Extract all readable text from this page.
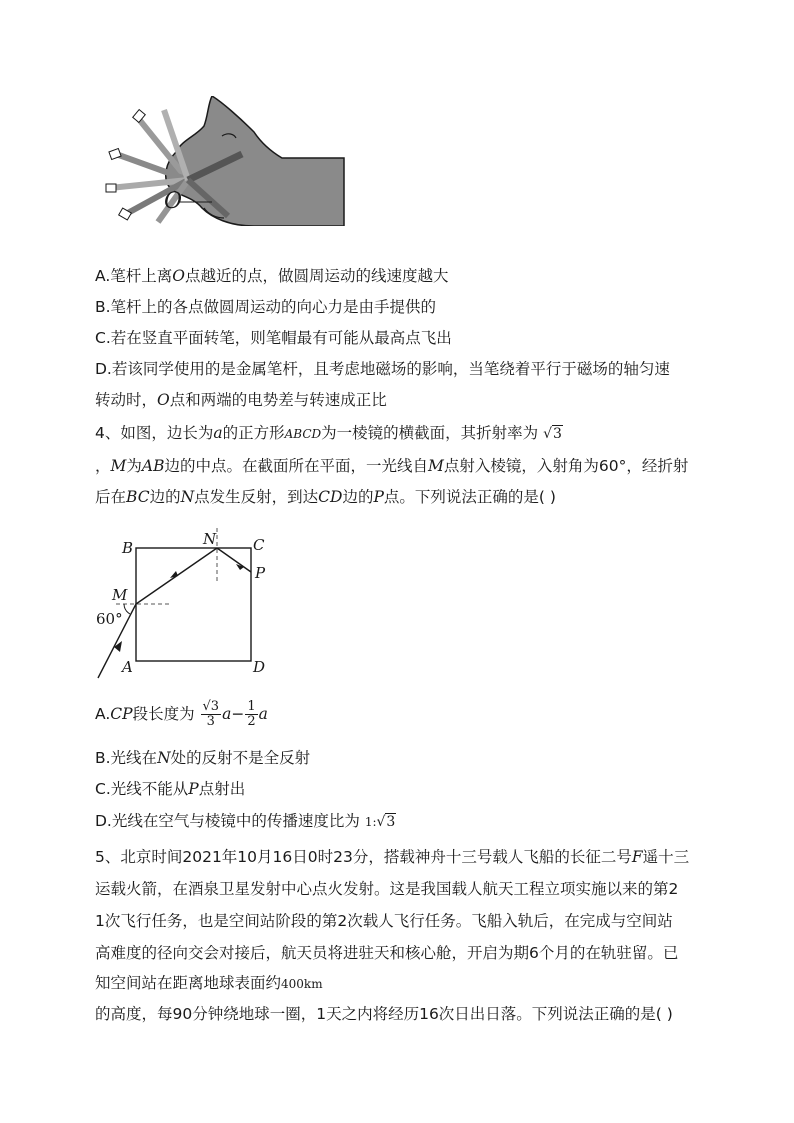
O
A.笔杆上离O点越近的点，做圆周运动的线速度越大
B.笔杆上的各点做圆周运动的向心力是由手提供的
C.若在竖直平面转笔，则笔帽最有可能从最高点飞出
D.若该同学使用的是金属笔杆，且考虑地磁场的影响，当笔绕着平行于磁场的轴匀速
转动时，O点和两端的电势差与转速成正比
4、如图，边长为a的正方形ABCD为一棱镜的横截面，其折射率为 √3
，M为AB边的中点。在截面所在平面，一光线自M点射入棱镜，入射角为60°，经折射
后在BC边的N点发生反射，到达CD边的P点。下列说法正确的是( )
B	N C
P
M
60°
A	D
A.CP段长度为 $\frac{√3}{3} a- \frac{1}{2}$ a
B.光线在N处的反射不是全反射
C.光线不能从P点射出
D.光线在空气与棱镜中的传播速度比为 1:√3
5、北京时间2021年10月16日0时23分，搭载神舟十三号载人飞船的长征二号F遥十三
运载火箭，在酒泉卫星发射中心点火发射。这是我国载人航天工程立项实施以来的第2
1次飞行任务，也是空间站阶段的第2次载人飞行任务。飞船入轨后，在完成与空间站
高难度的径向交会对接后，航天员将进驻天和核心舱，开启为期6个月的在轨驻留。已
知空间站在距离地球表面约400km
的高度，每90分钟绕地球一圈，1天之内将经历16次日出日落。下列说法正确的是( )
